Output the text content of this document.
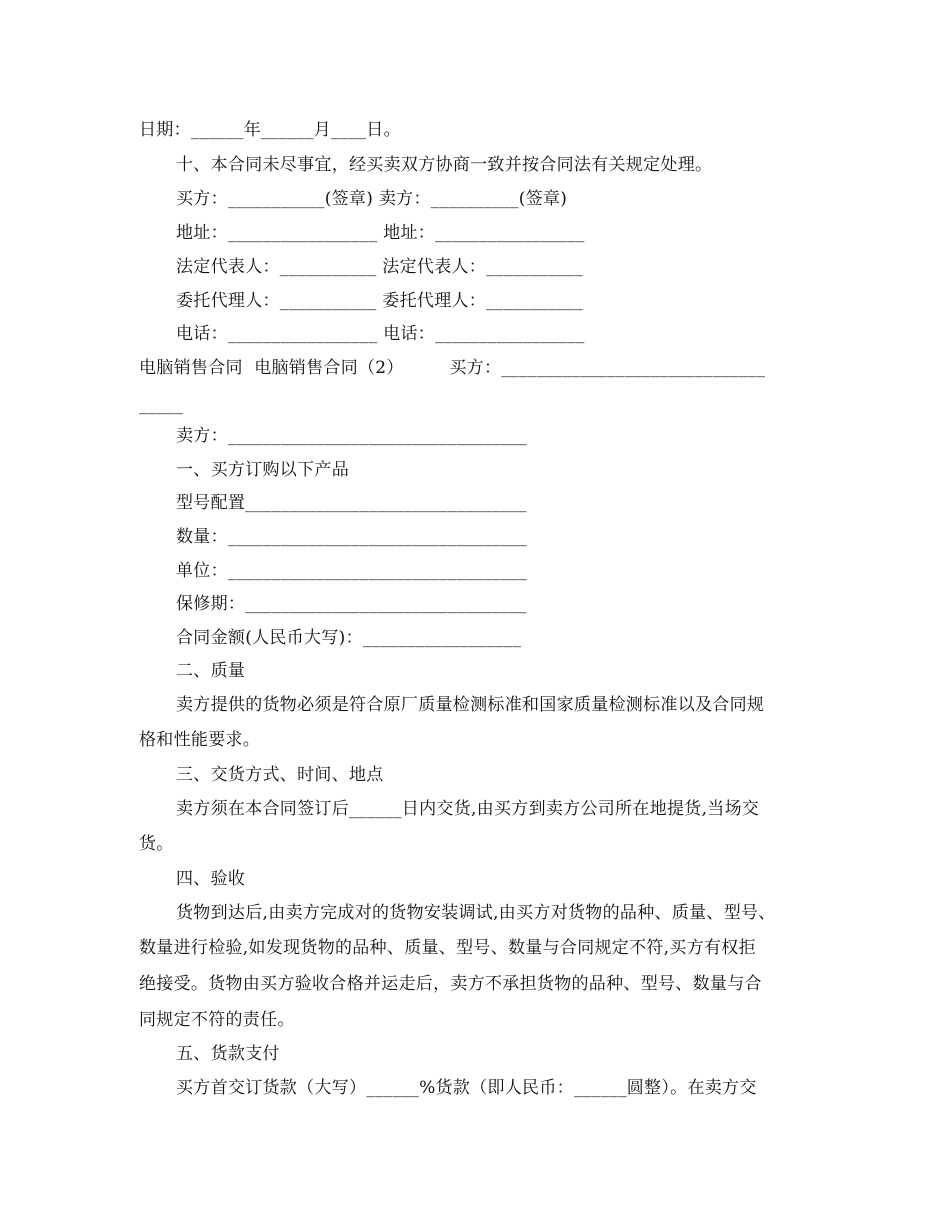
日期：______年______月____日。
十、本合同未尽事宜，经买卖双方协商一致并按合同法有关规定处理。
买方：___________(签章) 卖方：__________(签章)
地址：_________________ 地址：_________________
法定代表人：___________ 法定代表人：___________
委托代理人：___________ 委托代理人：___________
电话：_________________ 电话：_________________
电脑销售合同  电脑销售合同（2）        买方：______________________________
_____
卖方：__________________________________
一、买方订购以下产品
型号配置________________________________
数量：__________________________________
单位：__________________________________
保修期：________________________________
合同金额(人民币大写)：__________________
二、质量
卖方提供的货物必须是符合原厂质量检测标准和国家质量检测标准以及合同规
格和性能要求。
三、交货方式、时间、地点
卖方须在本合同签订后______日内交货,由买方到卖方公司所在地提货,当场交
货。
四、验收
货物到达后,由卖方完成对的货物安装调试,由买方对货物的品种、质量、型号、
数量进行检验,如发现货物的品种、质量、型号、数量与合同规定不符,买方有权拒
绝接受。货物由买方验收合格并运走后，卖方不承担货物的品种、型号、数量与合
同规定不符的责任。
五、货款支付
买方首交订货款（大写）______%货款（即人民币：______圆整）。在卖方交
